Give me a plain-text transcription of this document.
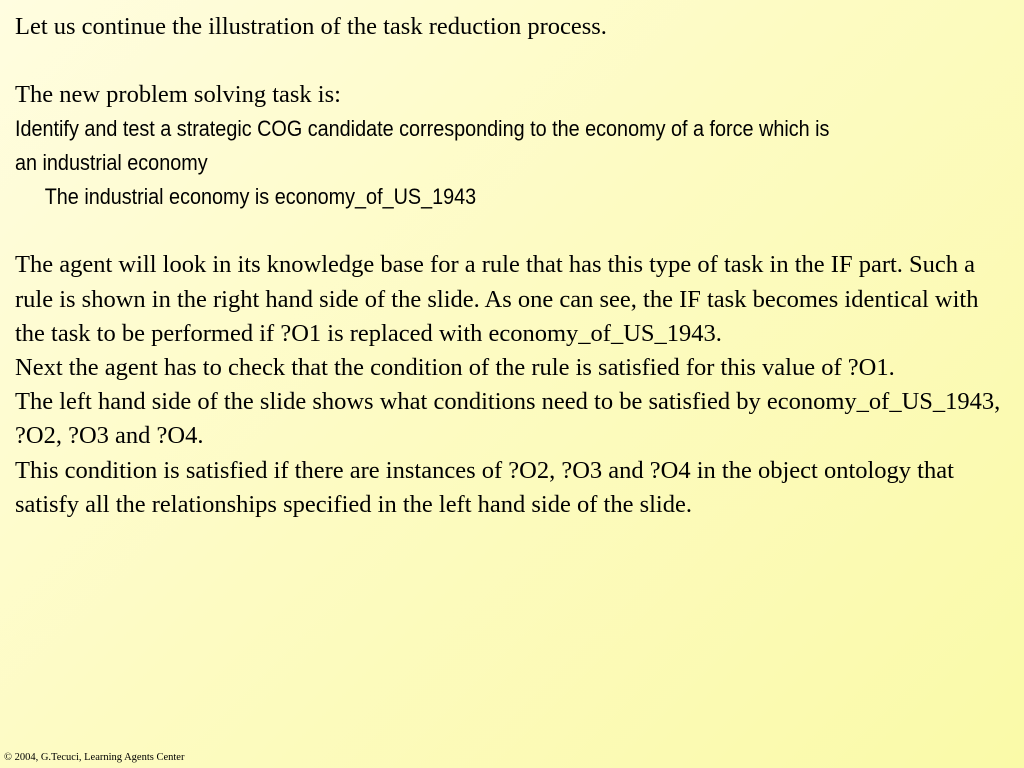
Let us continue the illustration of the task reduction process.

The new problem solving task is:

Identify and test a strategic COG candidate corresponding to the economy of a force which is
an industrial economy

The industrial economy is economy_of_US_1943

The agent will look in its knowledge base for a rule that has this type of task in the IF part. Such a rule is shown in the right hand side of the slide. As one can see, the IF task becomes identical with the task to be performed if ?O1 is replaced with economy_of_US_1943.

Next the agent has to check that the condition of the rule is satisfied for this value of ?O1.

The left hand side of the slide shows what conditions need to be satisfied by economy_of_US_1943, ?O2, ?O3 and ?O4.

This condition is satisfied if there are instances of ?O2, ?O3 and ?O4 in the object ontology that satisfy all the relationships specified in the left hand side of the slide.

© 2004, G.Tecuci, Learning Agents Center
